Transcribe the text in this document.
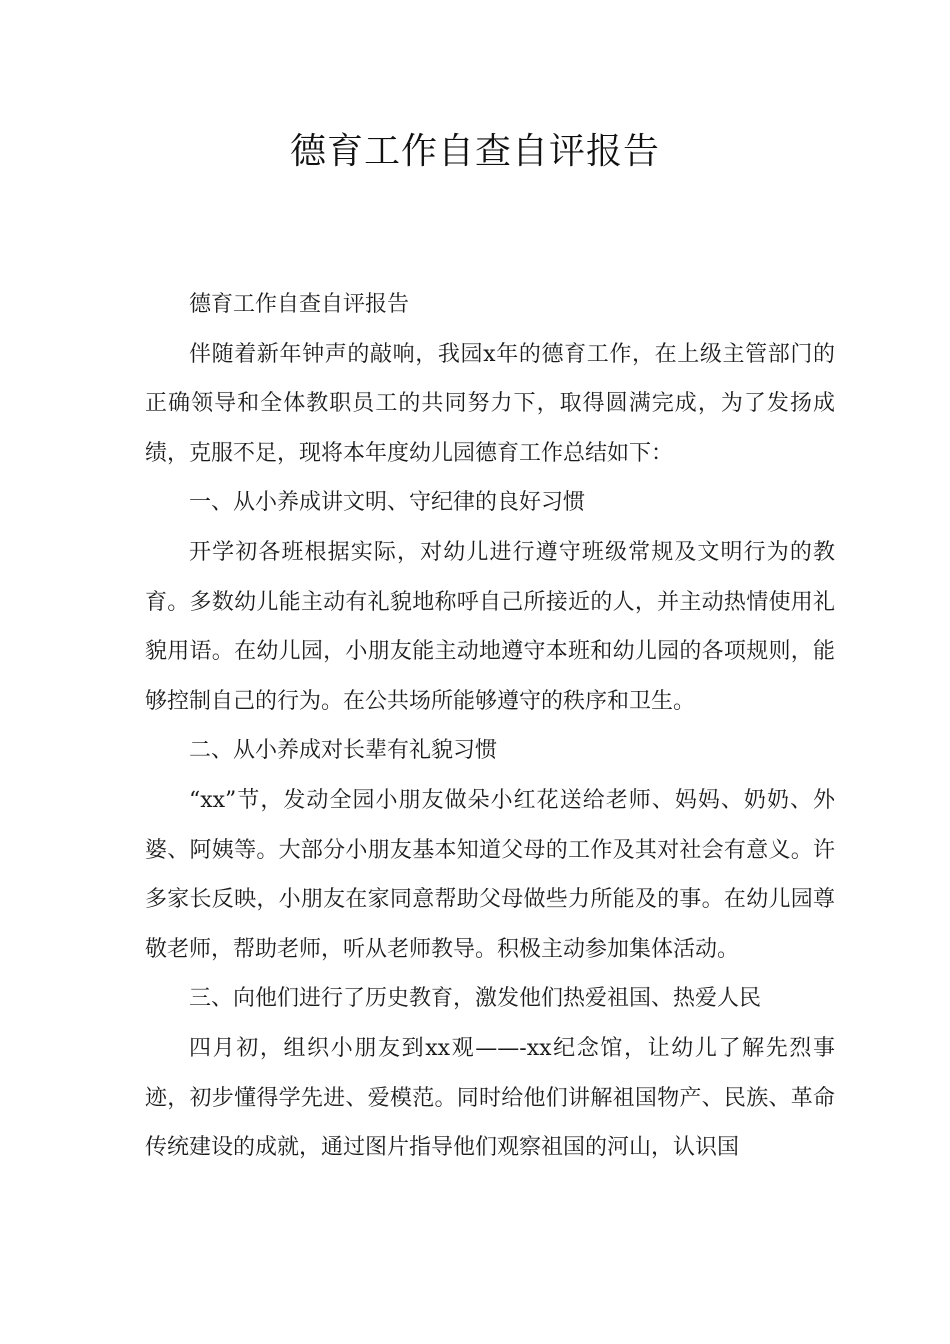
德育工作自查自评报告

德育工作自查自评报告

伴随着新年钟声的敲响，我园x年的德育工作，在上级主管部门的正确领导和全体教职员工的共同努力下，取得圆满完成，为了发扬成绩，克服不足，现将本年度幼儿园德育工作总结如下：

一、从小养成讲文明、守纪律的良好习惯

开学初各班根据实际，对幼儿进行遵守班级常规及文明行为的教育。多数幼儿能主动有礼貌地称呼自己所接近的人，并主动热情使用礼貌用语。在幼儿园，小朋友能主动地遵守本班和幼儿园的各项规则，能够控制自己的行为。在公共场所能够遵守的秩序和卫生。

二、从小养成对长辈有礼貌习惯

“xx”节，发动全园小朋友做朵小红花送给老师、妈妈、奶奶、外婆、阿姨等。大部分小朋友基本知道父母的工作及其对社会有意义。许多家长反映，小朋友在家同意帮助父母做些力所能及的事。在幼儿园尊敬老师，帮助老师，听从老师教导。积极主动参加集体活动。

三、向他们进行了历史教育，激发他们热爱祖国、热爱人民

四月初，组织小朋友到xx观——-xx纪念馆，让幼儿了解先烈事迹，初步懂得学先进、爱模范。同时给他们讲解祖国物产、民族、革命传统建设的成就，通过图片指导他们观察祖国的河山，认识国
